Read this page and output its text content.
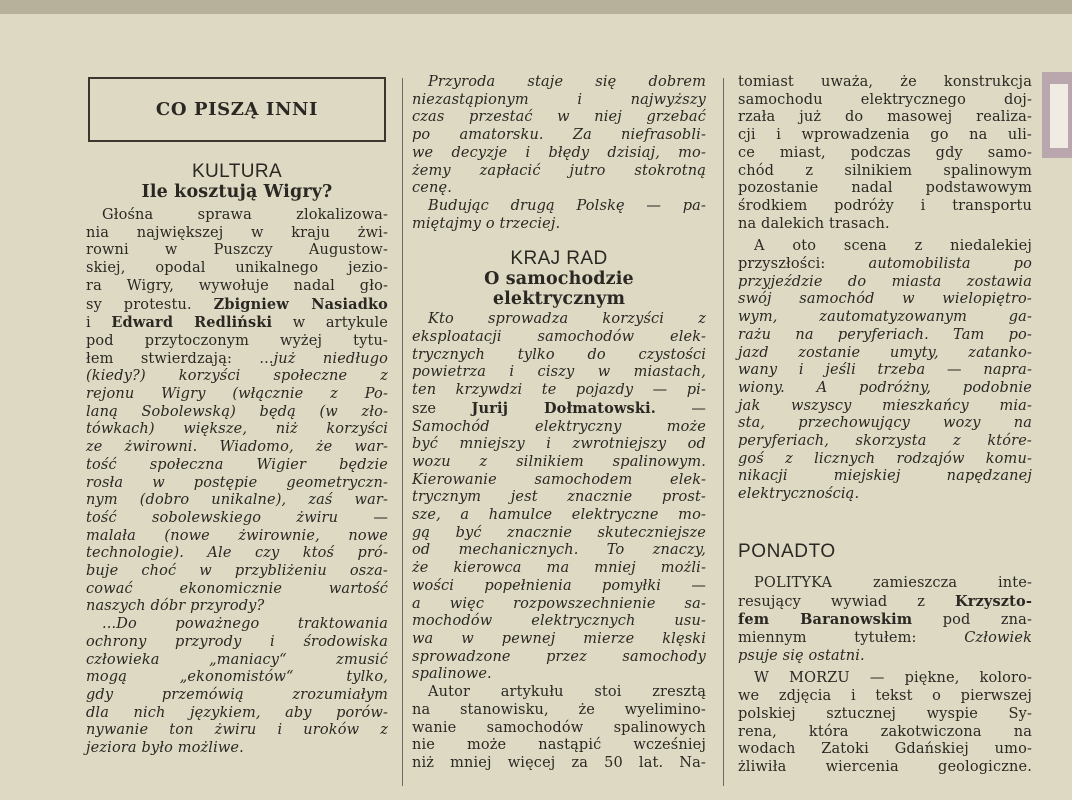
CO PISZĄ INNI
KULTURA
Ile kosztują Wigry?
Głośna sprawa zlokalizowa-
nia największej w kraju żwi-
rowni w Puszczy Augustow-
skiej, opodal unikalnego jezio-
ra Wigry, wywołuje nadal gło-
sy protestu. Zbigniew Nasiadko
i Edward Redliński w artykule
pod przytoczonym wyżej tytu-
łem stwierdzają: ...już niedługo
(kiedy?) korzyści społeczne z
rejonu Wigry (włącznie z Po-
laną Sobolewską) będą (w zło-
tówkach) większe, niż korzyści
ze żwirowni. Wiadomo, że war-
tość społeczna Wigier będzie
rosła w postępie geometryczn-
nym (dobro unikalne), zaś war-
tość sobolewskiego żwiru —
malała (nowe żwirownie, nowe
technologie). Ale czy ktoś pró-
buje choć w przybliżeniu osza-
cować ekonomicznie wartość
naszych dóbr przyrody?
...Do poważnego traktowania
ochrony przyrody i środowiska
człowieka „maniacy“ zmusić
mogą „ekonomistów“ tylko,
gdy przemówią zrozumiałym
dla nich językiem, aby porów-
nywanie ton żwiru i uroków z
jeziora było możliwe.
Przyroda staje się dobrem
niezastąpionym i najwyższy
czas przestać w niej grzebać
po amatorsku. Za niefrasobli-
we decyzje i błędy dzisiaj, mo-
żemy zapłacić jutro stokrotną
cenę.
Budując drugą Polskę — pa-
miętajmy o trzeciej.
KRAJ RAD
O samochodzie
elektrycznym
Kto sprowadza korzyści z
eksploatacji samochodów elek-
trycznych tylko do czystości
powietrza i ciszy w miastach,
ten krzywdzi te pojazdy — pi-
sze Jurij Dołmatowski. —
Samochód elektryczny może
być mniejszy i zwrotniejszy od
wozu z silnikiem spalinowym.
Kierowanie samochodem elek-
trycznym jest znacznie prost-
sze, a hamulce elektryczne mo-
gą być znacznie skuteczniejsze
od mechanicznych. To znaczy,
że kierowca ma mniej możli-
wości popełnienia pomyłki —
a więc rozpowszechnienie sa-
mochodów elektrycznych usu-
wa w pewnej mierze klęski
sprowadzone przez samochody
spalinowe.
Autor artykułu stoi zresztą
na stanowisku, że wyelimino-
wanie samochodów spalinowych
nie może nastąpić wcześniej
niż mniej więcej za 50 lat. Na-
tomiast uważa, że konstrukcja
samochodu elektrycznego doj-
rzała już do masowej realiza-
cji i wprowadzenia go na uli-
ce miast, podczas gdy samo-
chód z silnikiem spalinowym
pozostanie nadal podstawowym
środkiem podróży i transportu
na dalekich trasach.
A oto scena z niedalekiej
przyszłości:	automobilista po
przyjeździe do miasta zostawia
swój samochód w wielopiętro-
wym, zautomatyzowanym ga-
rażu na peryferiach. Tam po-
jazd zostanie umyty, zatanko-
wany i jeśli trzeba — napra-
wiony. A podróżny, podobnie
jak wszyscy mieszkańcy mia-
sta, przechowujący wozy na
peryferiach, skorzysta z które-
goś z licznych rodzajów komu-
nikacji miejskiej napędzanej
elektrycznością.
PONADTO
POLITYKA	zamieszcza inte-
resujący wywiad z Krzyszto-
fem Baranowskim pod zna-
miennym tytułem:	Człowiek
psuje się ostatni.
W MORZU — piękne, koloro-
we zdjęcia i tekst o pierwszej
polskiej sztucznej wyspie Sy-
rena, która zakotwiczona na
wodach Zatoki Gdańskiej umo-
żliwiła wiercenia geologiczne.
